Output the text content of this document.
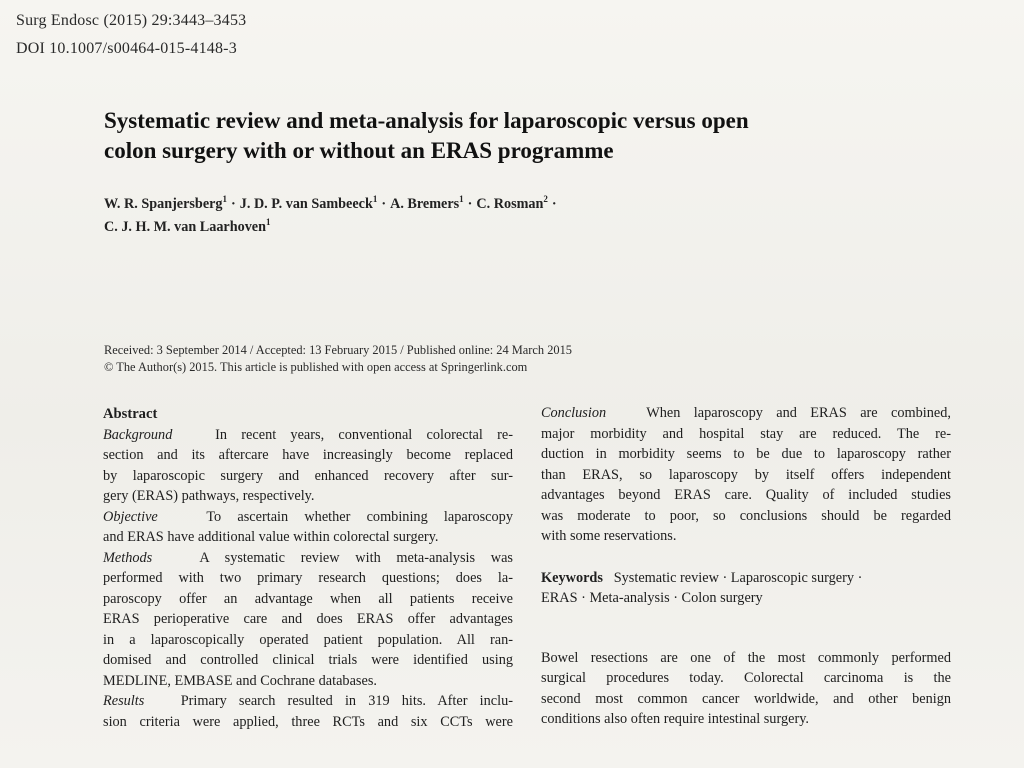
Surg Endosc (2015) 29:3443–3453
DOI 10.1007/s00464-015-4148-3
Systematic review and meta-analysis for laparoscopic versus open
colon surgery with or without an ERAS programme
W. R. Spanjersberg$^1$ · J. D. P. van Sambeeck$^1$ · A. Bremers$^1$ · C. Rosman$^2$ ·
C. J. H. M. van Laarhoven$^1$
Received: 3 September 2014 / Accepted: 13 February 2015 / Published online: 24 March 2015
© The Author(s) 2015. This article is published with open access at Springerlink.com
Abstract
Background	In recent years, conventional colorectal re-
section and its aftercare have increasingly become replaced
by laparoscopic surgery and enhanced recovery after sur-
gery (ERAS) pathways, respectively.
Objective	To ascertain whether combining laparoscopy
and ERAS have additional value within colorectal surgery.
Methods	A systematic review with meta-analysis was
performed with two primary research questions; does la-
paroscopy offer an advantage when all patients receive
ERAS perioperative care and does ERAS offer advantages
in a laparoscopically operated patient population. All ran-
domised and controlled clinical trials were identified using
MEDLINE, EMBASE and Cochrane databases.
Results	Primary search resulted in 319 hits. After inclu-
sion criteria were applied, three RCTs and six CCTs were
Conclusion	When laparoscopy and ERAS are combined,
major morbidity and hospital stay are reduced. The re-
duction in morbidity seems to be due to laparoscopy rather
than ERAS, so laparoscopy by itself offers independent
advantages beyond ERAS care. Quality of included studies
was moderate to poor, so conclusions should be regarded
with some reservations.
Keywords Systematic review · Laparoscopic surgery ·
ERAS · Meta-analysis · Colon surgery
Bowel resections are one of the most commonly performed
surgical procedures today. Colorectal carcinoma is the
second most common cancer worldwide, and other benign
conditions also often require intestinal surgery.
